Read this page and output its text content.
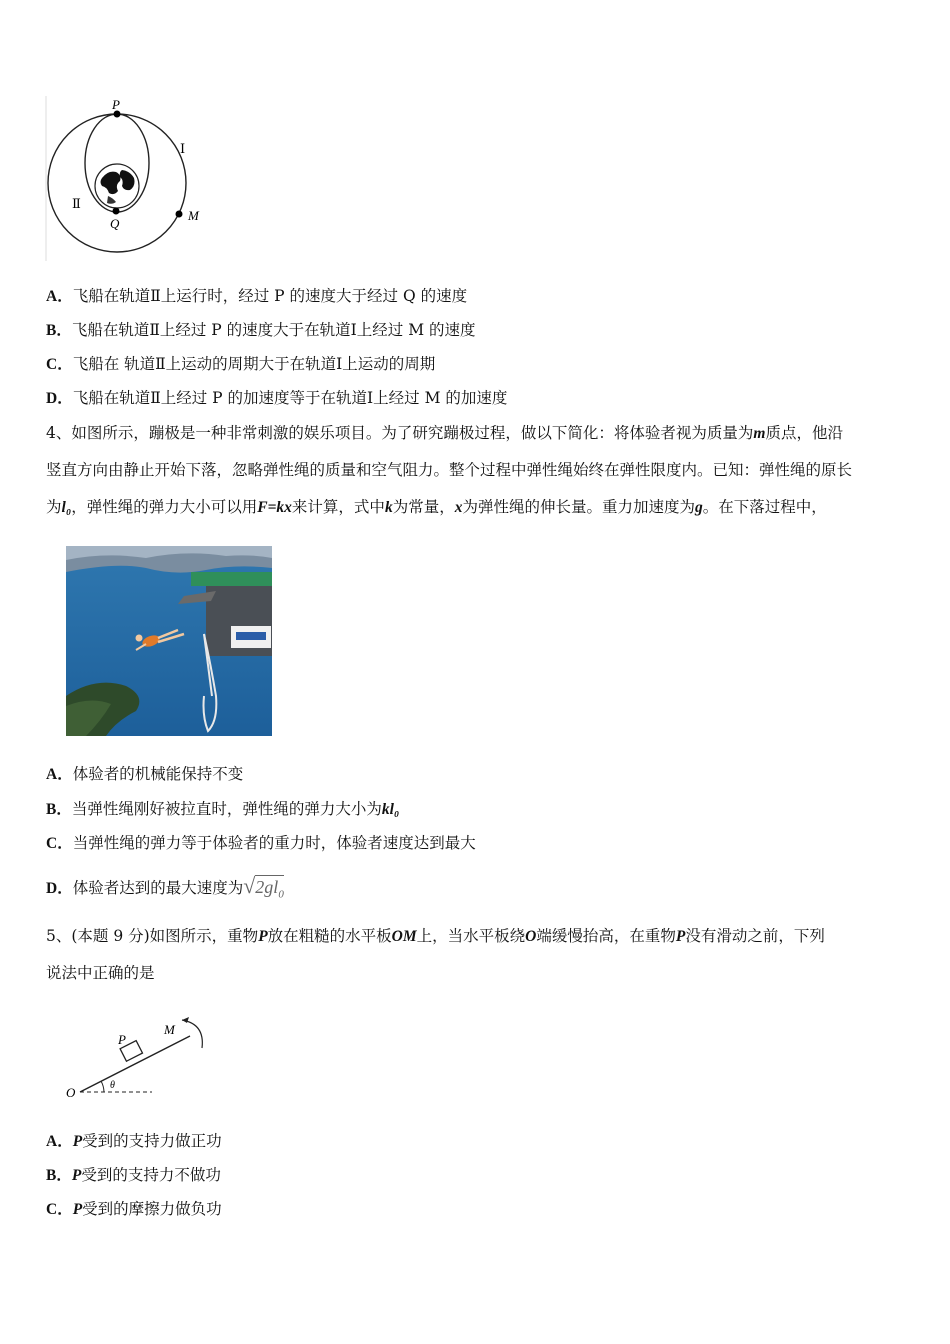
P
Q
M
Ⅰ
Ⅱ
A．飞船在轨道Ⅱ上运行时，经过 P 的速度大于经过 Q 的速度
B．飞船在轨道Ⅱ上经过 P 的速度大于在轨道Ⅰ上经过 M 的速度
C．飞船在 轨道Ⅱ上运动的周期大于在轨道Ⅰ上运动的周期
D．飞船在轨道Ⅱ上经过 P 的加速度等于在轨道Ⅰ上经过 M 的加速度
4、如图所示，蹦极是一种非常刺激的娱乐项目。为了研究蹦极过程，做以下简化：将体验者视为质量为m质点，他沿
竖直方向由静止开始下落，忽略弹性绳的质量和空气阻力。整个过程中弹性绳始终在弹性限度内。已知：弹性绳的原长
为l₀，弹性绳的弹力大小可以用F=kx来计算，式中k为常量，x为弹性绳的伸长量。重力加速度为g。在下落过程中，
A．体验者的机械能保持不变
B．当弹性绳刚好被拉直时，弹性绳的弹力大小为kl₀
C．当弹性绳的弹力等于体验者的重力时，体验者速度达到最大
D．体验者达到的最大速度为$√2gl_0$
5、(本题 9 分)如图所示，重物P放在粗糙的水平板OM上，当水平板绕O端缓慢抬高，在重物P没有滑动之前，下列
说法中正确的是
O
P
M
θ
A．P受到的支持力做正功
B．P受到的支持力不做功
C．P受到的摩擦力做负功
